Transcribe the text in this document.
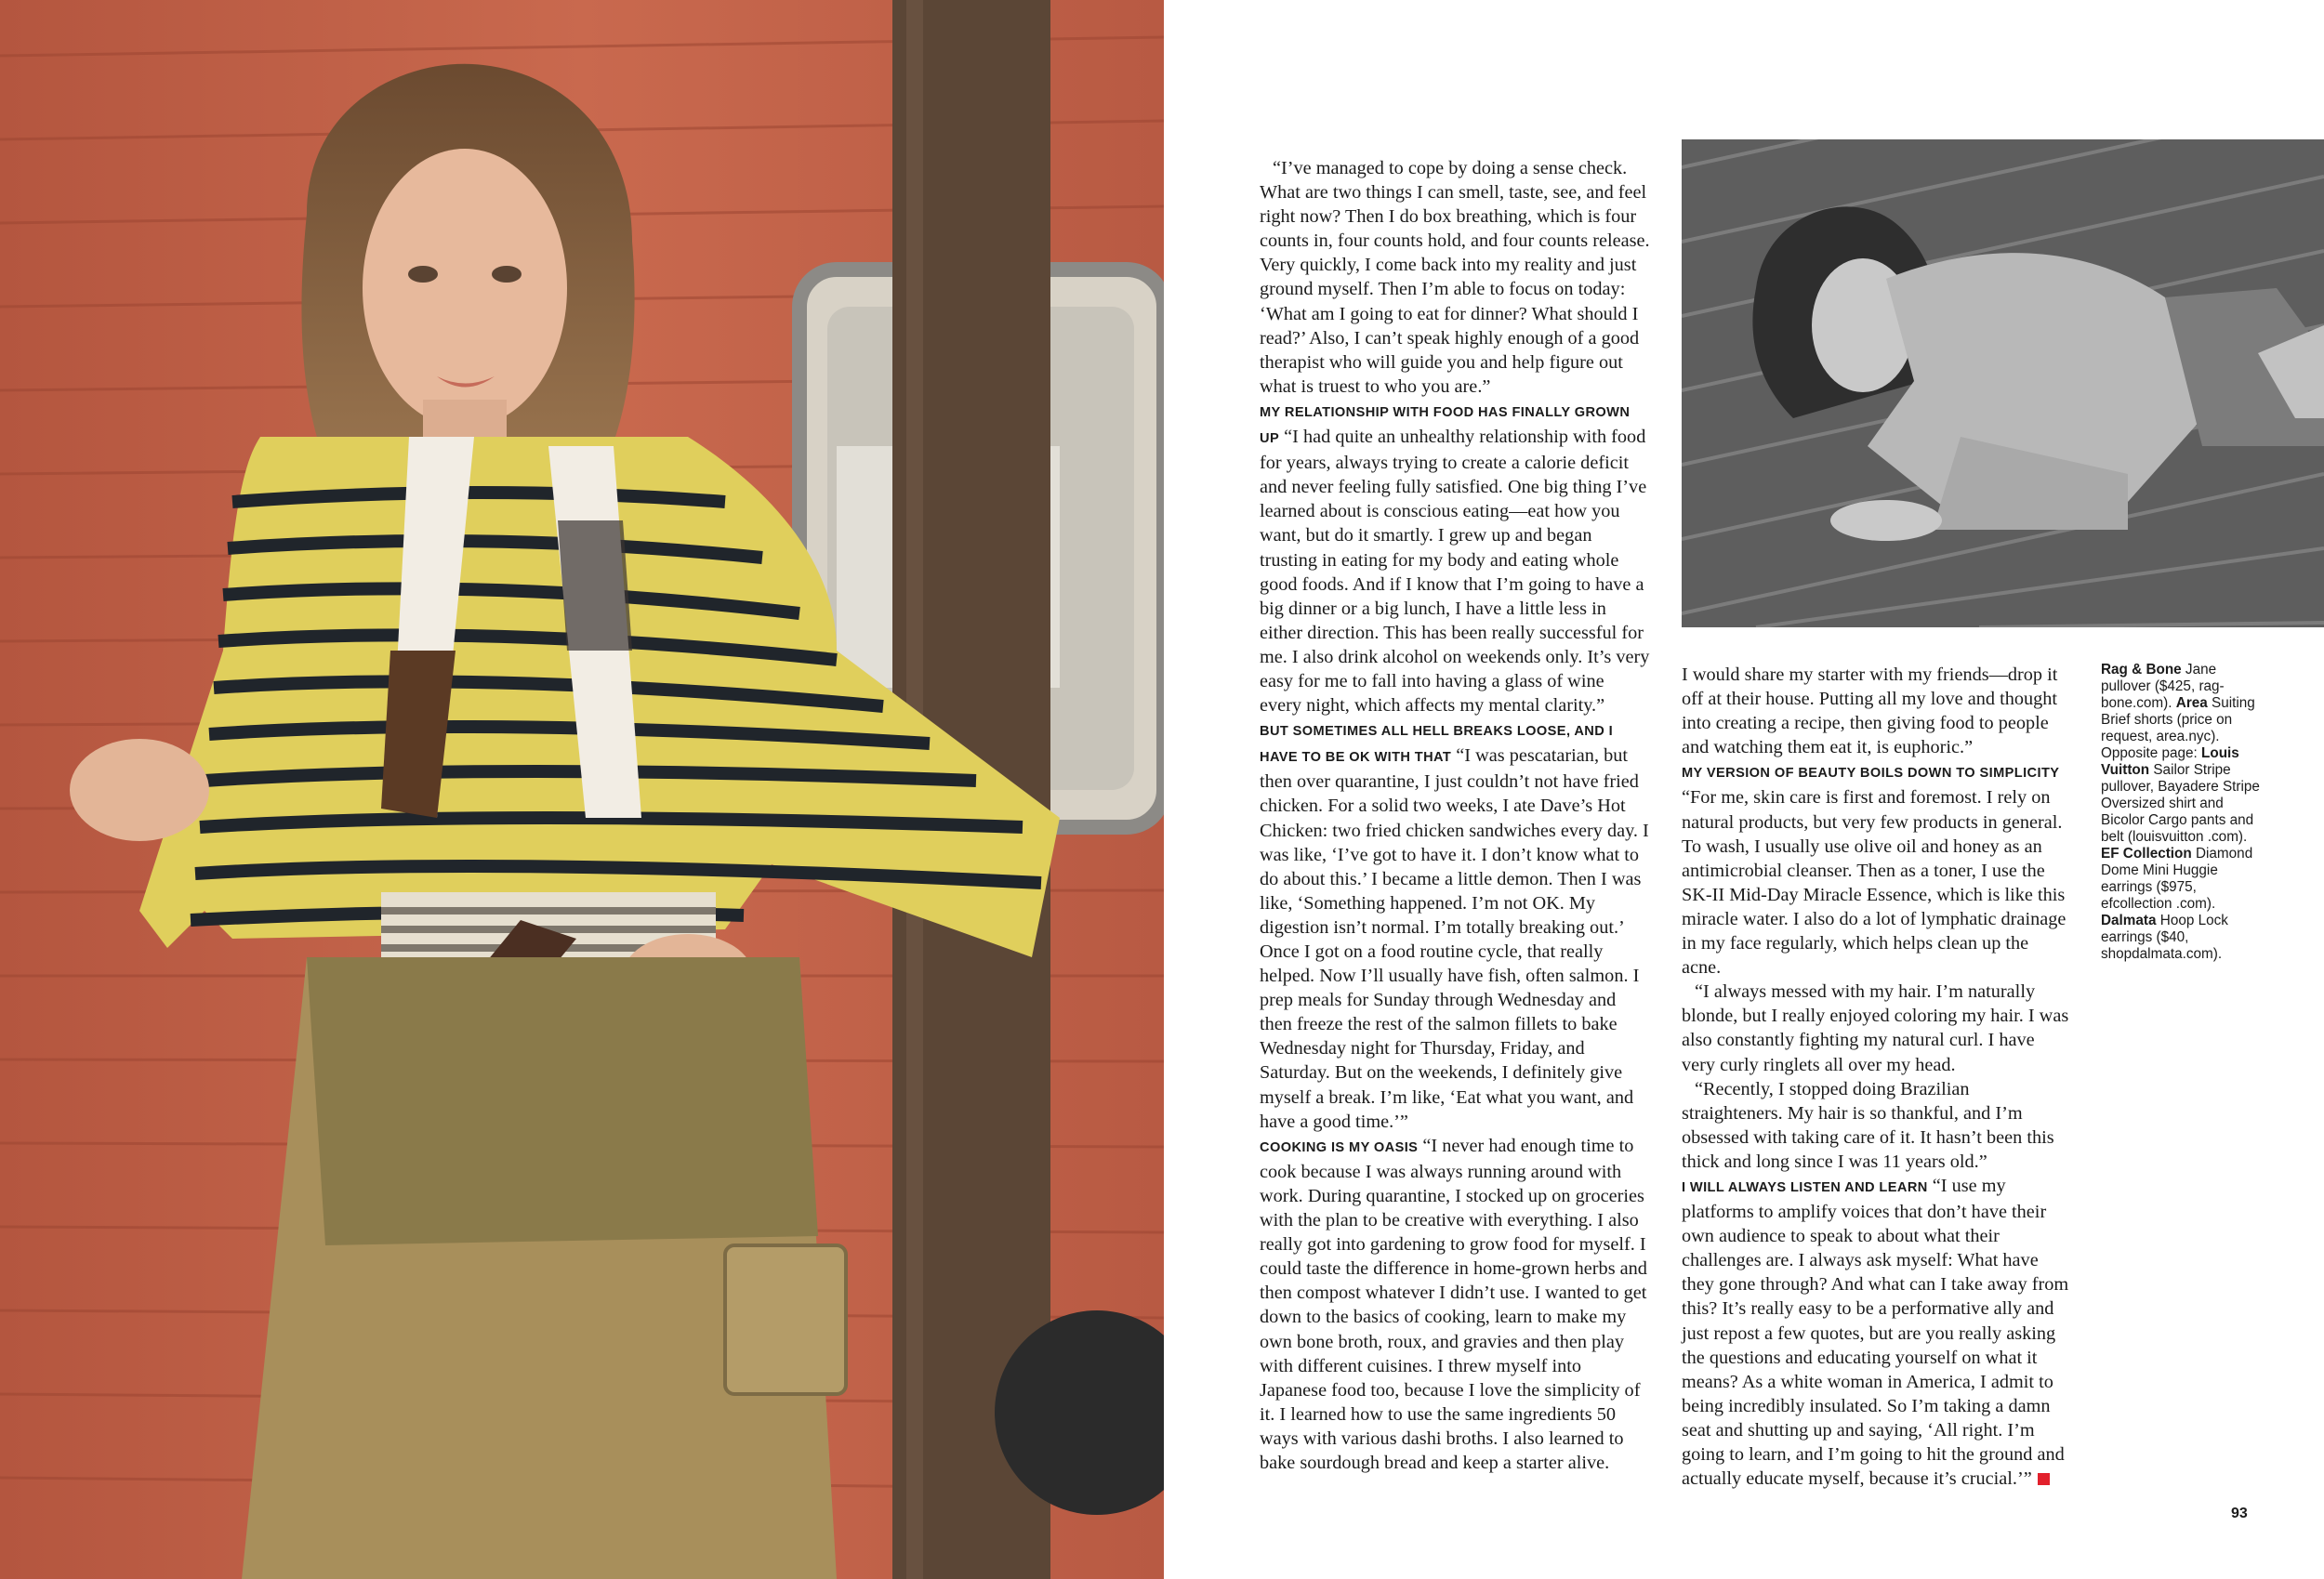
“I’ve managed to cope by doing a sense check. What are two things I can smell, taste, see, and feel right now? Then I do box breathing, which is four counts in, four counts hold, and four counts release. Very quickly, I come back into my reality and just ground myself. Then I’m able to focus on today: ‘What am I going to eat for dinner? What should I read?’ Also, I can’t speak highly enough of a good therapist who will guide you and help figure out what is truest to who you are.”

MY RELATIONSHIP WITH FOOD HAS FINALLY GROWN UP “I had quite an unhealthy relationship with food for years, always trying to create a calorie deficit and never feeling fully satisfied. One big thing I’ve learned about is conscious eating—eat how you want, but do it smartly. I grew up and began trusting in eating for my body and eating whole good foods. And if I know that I’m going to have a big dinner or a big lunch, I have a little less in either direction. This has been really successful for me. I also drink alcohol on weekends only. It’s very easy for me to fall into having a glass of wine every night, which affects my mental clarity.”

BUT SOMETIMES ALL HELL BREAKS LOOSE, AND I HAVE TO BE OK WITH THAT “I was pescatarian, but then over quarantine, I just couldn’t not have fried chicken. For a solid two weeks, I ate Dave’s Hot Chicken: two fried chicken sandwiches every day. I was like, ‘I’ve got to have it. I don’t know what to do about this.’ I became a little demon. Then I was like, ‘Something happened. I’m not OK. My digestion isn’t normal. I’m totally breaking out.’ Once I got on a food routine cycle, that really helped. Now I’ll usually have fish, often salmon. I prep meals for Sunday through Wednesday and then freeze the rest of the salmon fillets to bake Wednesday night for Thursday, Friday, and Saturday. But on the weekends, I definitely give myself a break. I’m like, ‘Eat what you want, and have a good time.’”

COOKING IS MY OASIS “I never had enough time to cook because I was always running around with work. During quarantine, I stocked up on groceries with the plan to be creative with everything. I also really got into gardening to grow food for myself. I could taste the difference in home-grown herbs and then compost whatever I didn’t use. I wanted to get down to the basics of cooking, learn to make my own bone broth, roux, and gravies and then play with different cuisines. I threw myself into Japanese food too, because I love the simplicity of it. I learned how to use the same ingredients 50 ways with various dashi broths. I also learned to bake sourdough bread and keep a starter alive.

I would share my starter with my friends—drop it off at their house. Putting all my love and thought into creating a recipe, then giving food to people and watching them eat it, is euphoric.”

MY VERSION OF BEAUTY BOILS DOWN TO SIMPLICITY “For me, skin care is first and foremost. I rely on natural products, but very few products in general. To wash, I usually use olive oil and honey as an antimicrobial cleanser. Then as a toner, I use the SK-II Mid-Day Miracle Essence, which is like this miracle water. I also do a lot of lymphatic drainage in my face regularly, which helps clean up the acne.

“I always messed with my hair. I’m naturally blonde, but I really enjoyed coloring my hair. I was also constantly fighting my natural curl. I have very curly ringlets all over my head.

“Recently, I stopped doing Brazilian straighteners. My hair is so thankful, and I’m obsessed with taking care of it. It hasn’t been this thick and long since I was 11 years old.”

I WILL ALWAYS LISTEN AND LEARN “I use my platforms to amplify voices that don’t have their own audience to speak to about what their challenges are. I always ask myself: What have they gone through? And what can I take away from this? It’s really easy to be a performative ally and just repost a few quotes, but are you really asking the questions and educating yourself on what it means? As a white woman in America, I admit to being incredibly insulated. So I’m taking a damn seat and shutting up and saying, ‘All right. I’m going to learn, and I’m going to hit the ground and actually educate myself, because it’s crucial.’”

Rag & Bone Jane pullover ($425, rag-bone.com). Area Suiting Brief shorts (price on request, area.nyc). Opposite page: Louis Vuitton Sailor Stripe pullover, Bayadere Stripe Oversized shirt and Bicolor Cargo pants and belt (louisvuitton .com). EF Collection Diamond Dome Mini Huggie earrings ($975, efcollection .com). Dalmata Hoop Lock earrings ($40, shopdalmata.com).
93
